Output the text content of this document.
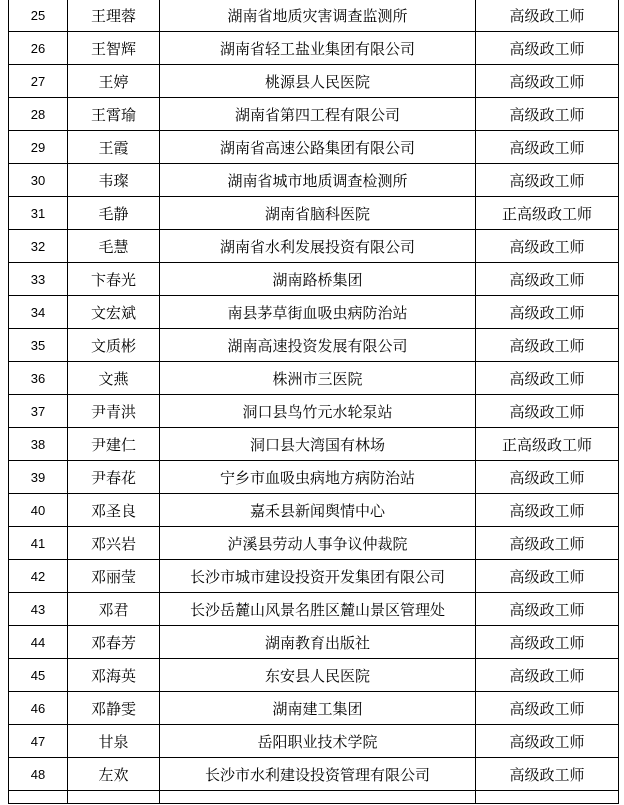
25	王理蓉	湖南省地质灾害调查监测所	高级政工师
26	王智辉	湖南省轻工盐业集团有限公司	高级政工师
27	王婷	桃源县人民医院	高级政工师
28	王霄瑜	湖南省第四工程有限公司	高级政工师
29	王霞	湖南省高速公路集团有限公司	高级政工师
30	韦璨	湖南省城市地质调查检测所	高级政工师
31	毛静	湖南省脑科医院	正高级政工师
32	毛慧	湖南省水利发展投资有限公司	高级政工师
33	卞春光	湖南路桥集团	高级政工师
34	文宏斌	南县茅草街血吸虫病防治站	高级政工师
35	文质彬	湖南高速投资发展有限公司	高级政工师
36	文燕	株洲市三医院	高级政工师
37	尹青洪	洞口县鸟竹元水轮泵站	高级政工师
38	尹建仁	洞口县大湾国有林场	正高级政工师
39	尹春花	宁乡市血吸虫病地方病防治站	高级政工师
40	邓圣良	嘉禾县新闻舆情中心	高级政工师
41	邓兴岩	泸溪县劳动人事争议仲裁院	高级政工师
42	邓丽莹	长沙市城市建设投资开发集团有限公司	高级政工师
43	邓君	长沙岳麓山风景名胜区麓山景区管理处	高级政工师
44	邓春芳	湖南教育出版社	高级政工师
45	邓海英	东安县人民医院	高级政工师
46	邓静雯	湖南建工集团	高级政工师
47	甘泉	岳阳职业技术学院	高级政工师
48	左欢	长沙市水利建设投资管理有限公司	高级政工师
